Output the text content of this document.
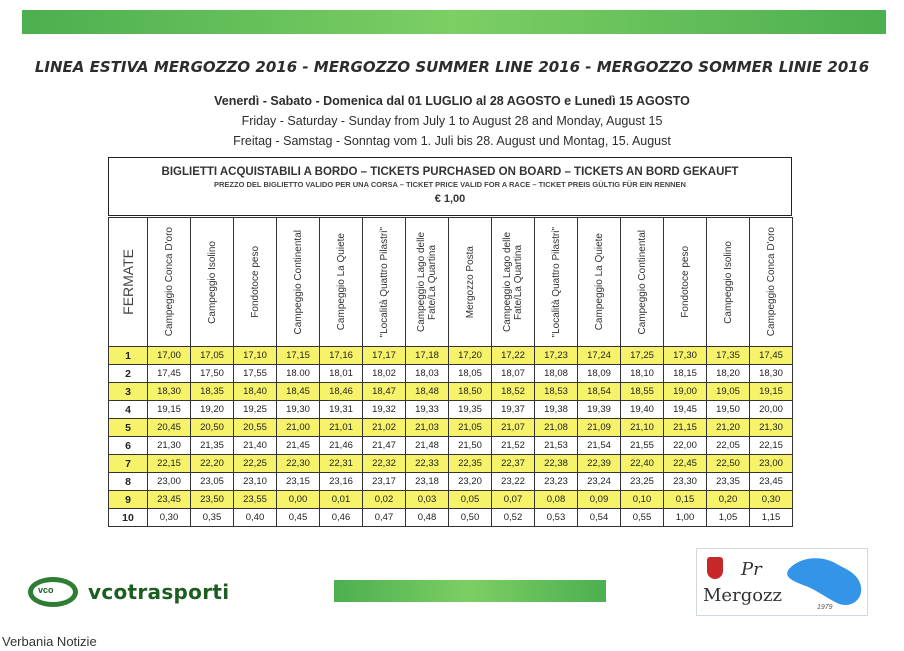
LINEA ESTIVA MERGOZZO 2016 - MERGOZZO SUMMER LINE 2016 - MERGOZZO SOMMER LINIE 2016
Venerdì - Sabato - Domenica dal 01 LUGLIO al 28 AGOSTO e Lunedì 15 AGOSTO
Friday - Saturday - Sunday from July 1 to August 28 and Monday, August 15
Freitag - Samstag - Sonntag vom 1. Juli bis 28. August und Montag, 15. August
BIGLIETTI ACQUISTABILI A BORDO – TICKETS PURCHASED ON BOARD – TICKETS AN BORD GEKAUFT
PREZZO DEL BIGLIETTO VALIDO PER UNA CORSA – TICKET PRICE VALID FOR A RACE – TICKET PREIS GÜLTIG FÜR EIN RENNEN
€ 1,00
FERMATE	Campeggio Conca D'oro	Campeggio Isolino	Fondotoce peso	Campeggio Continental	Campeggio La Quiete	"Località Quattro Pilastri"	Campeggio Lago delle Fate/La Quartina	Mergozzo Posta	Campeggio Lago delle Fate/La Quartina	"Località Quattro Pilastri"	Campeggio La Quiete	Campeggio Continental	Fondotoce peso	Campeggio Isolino	Campeggio Conca D'oro

1	17,00	17,05	17,10	17,15	17,16	17,17	17,18	17,20	17,22	17,23	17,24	17,25	17,30	17,35	17,45
2	17,45	17,50	17,55	18.00	18,01	18,02	18,03	18,05	18,07	18,08	18,09	18,10	18,15	18,20	18,30
3	18,30	18,35	18,40	18,45	18,46	18,47	18,48	18,50	18,52	18,53	18,54	18,55	19,00	19,05	19,15
4	19,15	19,20	19,25	19,30	19,31	19,32	19,33	19,35	19,37	19,38	19,39	19,40	19,45	19,50	20,00
5	20,45	20,50	20,55	21,00	21,01	21,02	21,03	21,05	21,07	21,08	21,09	21,10	21,15	21,20	21,30
6	21,30	21,35	21,40	21,45	21,46	21,47	21,48	21,50	21,52	21,53	21,54	21,55	22,00	22,05	22,15
7	22,15	22,20	22,25	22,30	22,31	22,32	22,33	22,35	22,37	22,38	22,39	22,40	22,45	22,50	23,00
8	23,00	23,05	23,10	23,15	23,16	23,17	23,18	23,20	23,22	23,23	23,24	23,25	23,30	23,35	23,45
9	23,45	23,50	23,55	0,00	0,01	0,02	0,03	0,05	0,07	0,08	0,09	0,10	0,15	0,20	0,30
10	0,30	0,35	0,40	0,45	0,46	0,47	0,48	0,50	0,52	0,53	0,54	0,55	1,00	1,05	1,15
vco vcotrasporti
Pr
Mergozz
1979
Verbania Notizie
